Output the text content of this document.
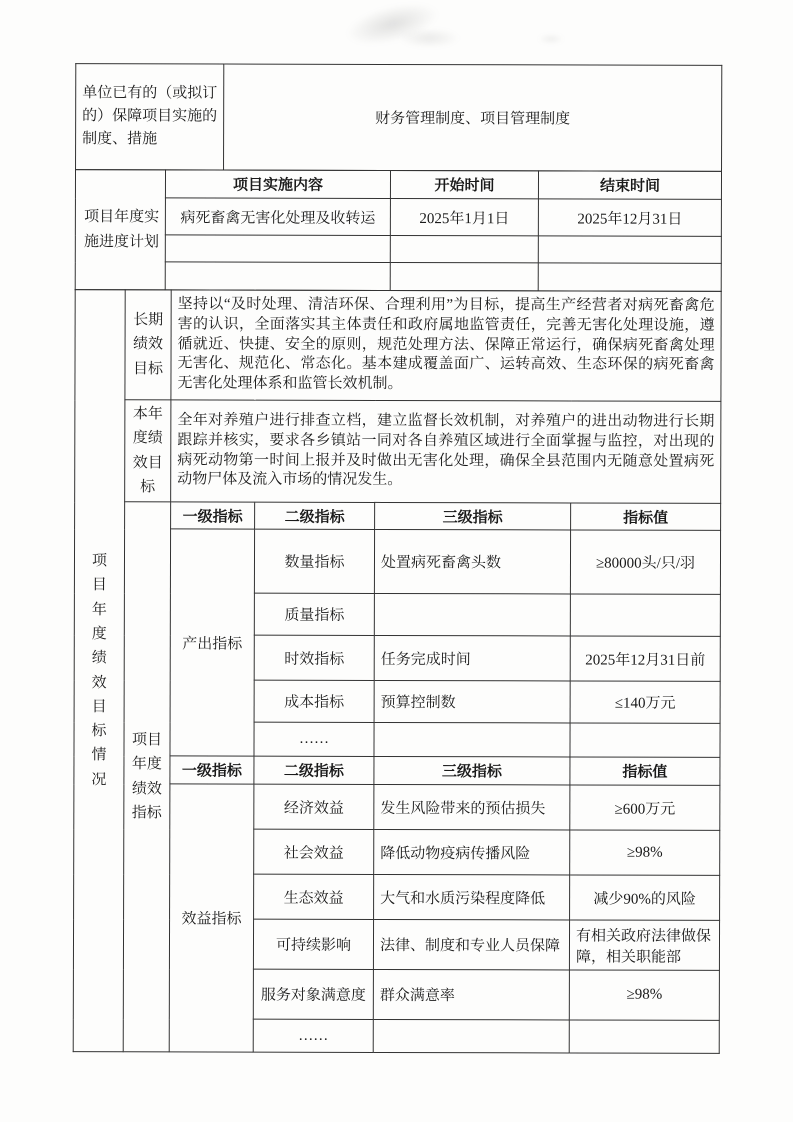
单位已有的（或拟订的）保障项目实施的制度、措施	财务管理制度、项目管理制度
项目年度实施进度计划	项目实施内容	开始时间	结束时间
	病死畜禽无害化处理及收转运	2025年1月1日	2025年12月31日

项目年度绩效目标情况	长期绩效目标	坚持以“及时处理、清洁环保、合理利用”为目标，提高生产经营者对病死畜禽危害的认识，全面落实其主体责任和政府属地监管责任，完善无害化处理设施，遵循就近、快捷、安全的原则，规范处理方法、保障正常运行，确保病死畜禽处理无害化、规范化、常态化。基本建成覆盖面广、运转高效、生态环保的病死畜禽无害化处理体系和监管长效机制。			

	本年度绩效目标	全年对养殖户进行排查立档，建立监督长效机制，对养殖户的进出动物进行长期跟踪并核实，要求各乡镇站一同对各自养殖区域进行全面掌握与监控，对出现的病死动物第一时间上报并及时做出无害化处理，确保全县范围内无随意处置病死动物尸体及流入市场的情况发生。			

	项目年度绩效指标	一级指标	二级指标	三级指标	指标值
		产出指标	数量指标	处置病死畜禽头数	≥80000头/只/羽
			质量指标		
			时效指标	任务完成时间	2025年12月31日前
			成本指标	预算控制数	≤140万元
			……		
		一级指标	二级指标	三级指标	指标值
		效益指标	经济效益	发生风险带来的预估损失	≥600万元
			社会效益	降低动物疫病传播风险	≥98%
			生态效益	大气和水质污染程度降低	减少90%的风险
			可持续影响	法律、制度和专业人员保障	有相关政府法律做保障，相关职能部
			服务对象满意度	群众满意率	≥98%
			……		
